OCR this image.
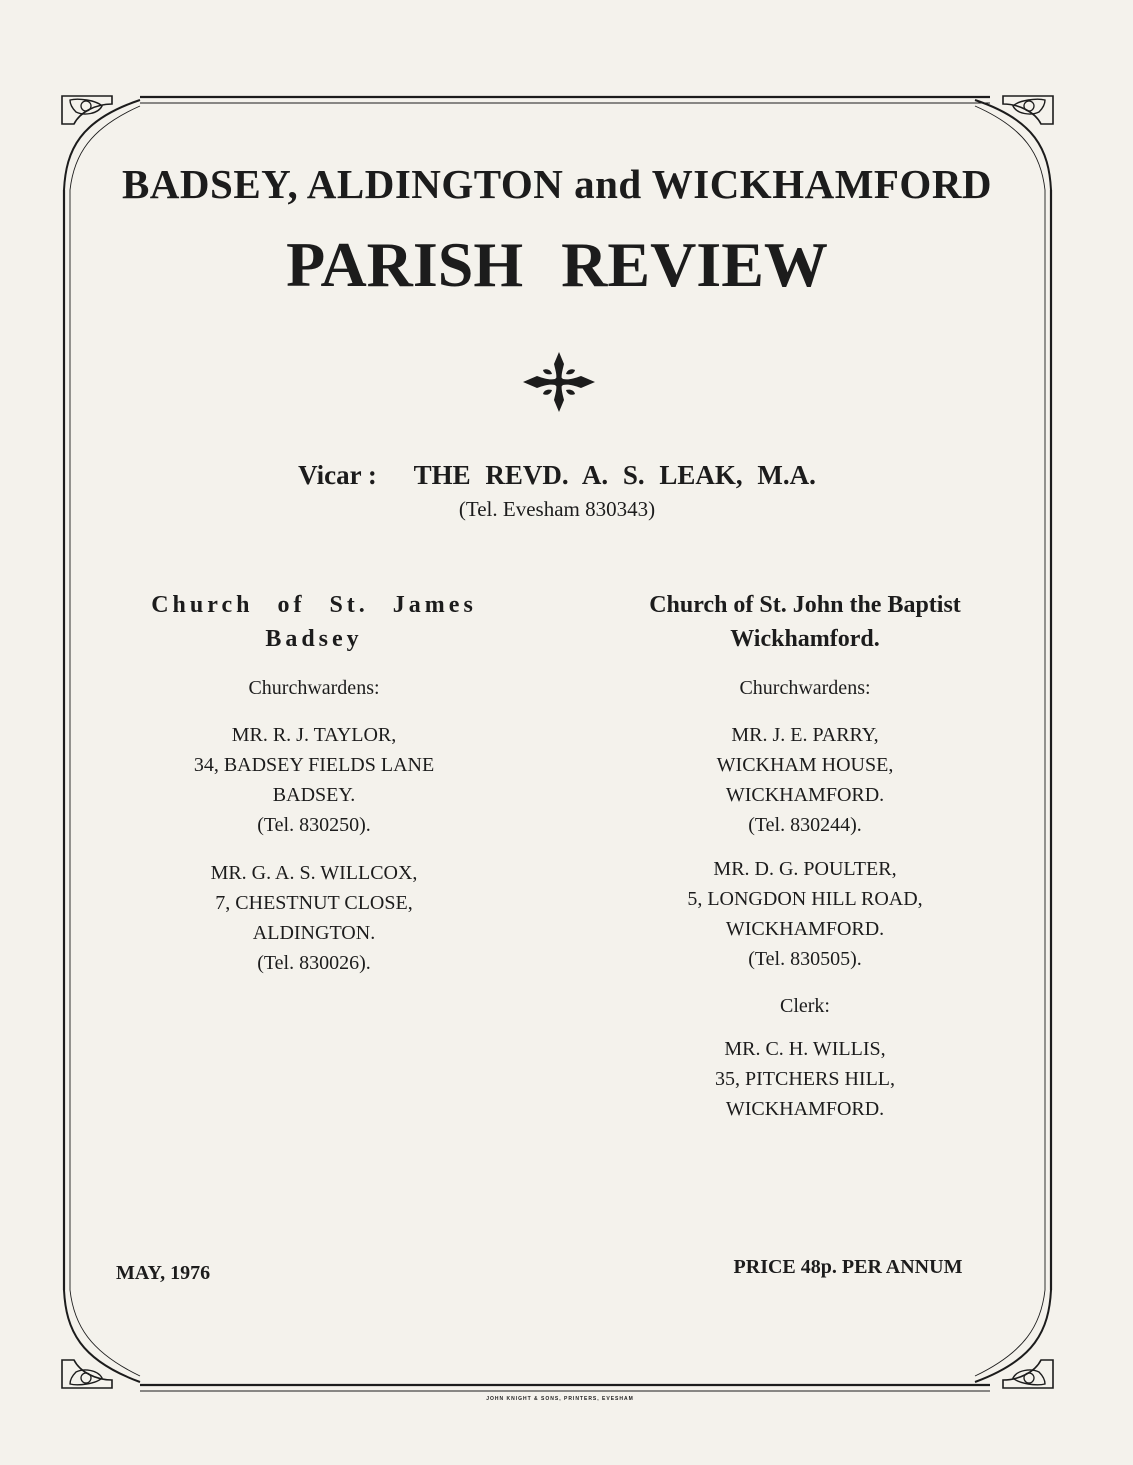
BADSEY, ALDINGTON and WICKHAMFORD
PARISH REVIEW
Vicar : THE REVD. A. S. LEAK, M.A.
(Tel. Evesham 830343)
Church of St. James
Badsey
Churchwardens:
MR. R. J. TAYLOR,
34, BADSEY FIELDS LANE
BADSEY.
(Tel. 830250).
MR. G. A. S. WILLCOX,
7, CHESTNUT CLOSE,
ALDINGTON.
(Tel. 830026).
Church of St. John the Baptist
Wickhamford.
Churchwardens:
MR. J. E. PARRY,
WICKHAM HOUSE,
WICKHAMFORD.
(Tel. 830244).
MR. D. G. POULTER,
5, LONGDON HILL ROAD,
WICKHAMFORD.
(Tel. 830505).
Clerk:
MR. C. H. WILLIS,
35, PITCHERS HILL,
WICKHAMFORD.
MAY, 1976	PRICE 48p. PER ANNUM
JOHN KNIGHT & SONS, PRINTERS, EVESHAM
